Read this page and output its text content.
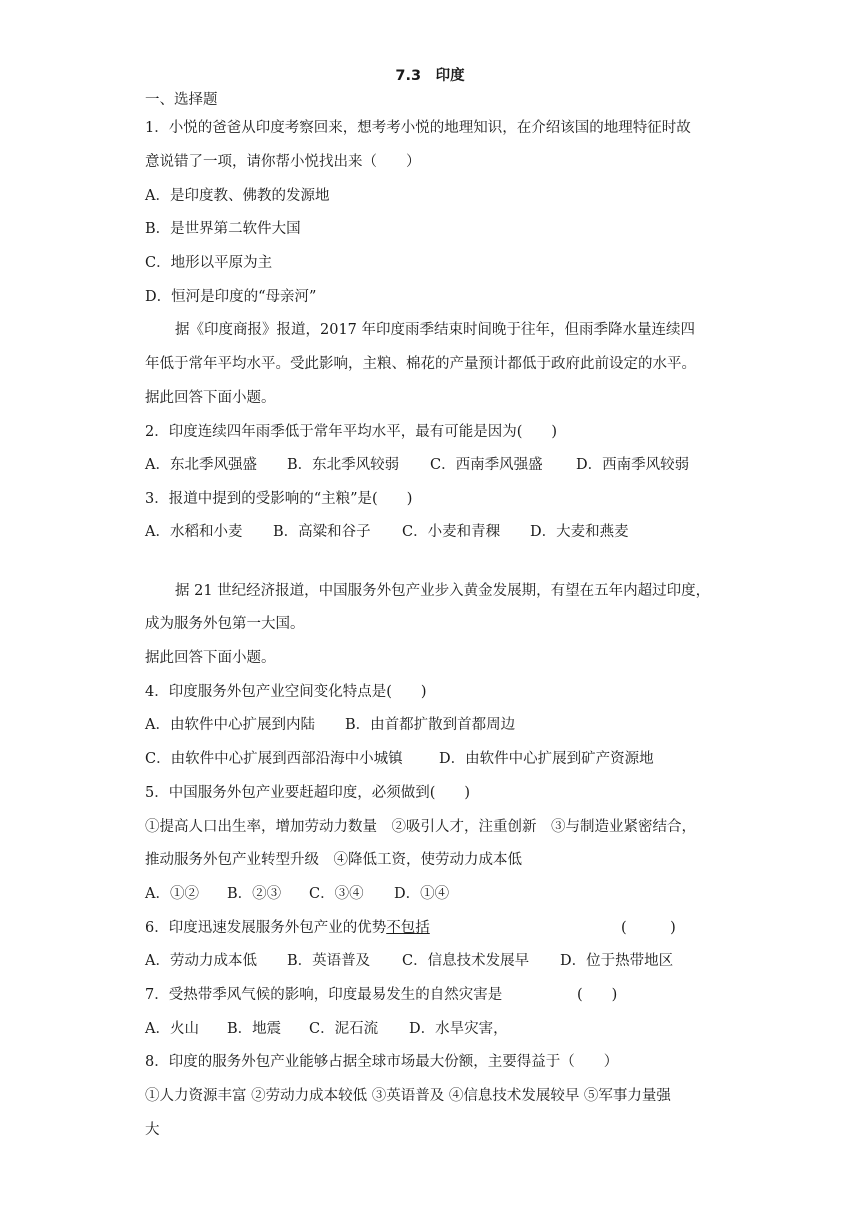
7.3　印度
一、选择题
1．小悦的爸爸从印度考察回来，想考考小悦的地理知识，在介绍该国的地理特征时故
意说错了一项，请你帮小悦找出来（　　）
A．是印度教、佛教的发源地
B．是世界第二软件大国
C．地形以平原为主
D．恒河是印度的“母亲河”
据《印度商报》报道，2017 年印度雨季结束时间晚于往年，但雨季降水量连续四
年低于常年平均水平。受此影响，主粮、棉花的产量预计都低于政府此前设定的水平。
据此回答下面小题。
2．印度连续四年雨季低于常年平均水平，最有可能是因为(　　)
A．东北季风强盛 B．东北季风较弱 C．西南季风强盛 D．西南季风较弱
3．报道中提到的受影响的“主粮”是(　　)
A．水稻和小麦 B．高粱和谷子 C．小麦和青稞 D．大麦和燕麦
据 21 世纪经济报道，中国服务外包产业步入黄金发展期，有望在五年内超过印度，
成为服务外包第一大国。
据此回答下面小题。
4．印度服务外包产业空间变化特点是(　　)
A．由软件中心扩展到内陆 B．由首都扩散到首都周边
C．由软件中心扩展到西部沿海中小城镇	D．由软件中心扩展到矿产资源地
5．中国服务外包产业要赶超印度，必须做到(　　)
①提高人口出生率，增加劳动力数量　②吸引人才，注重创新　③与制造业紧密结合，
推动服务外包产业转型升级　④降低工资，使劳动力成本低
A．①② B．②③ C．③④ D．①④
6．印度迅速发展服务外包产业的优势不包括	(　　　)
A．劳动力成本低 B．英语普及 C．信息技术发展早 D．位于热带地区
7．受热带季风气候的影响，印度最易发生的自然灾害是	(　　)
A．火山 B．地震 C．泥石流 D．水旱灾害，
8．印度的服务外包产业能够占据全球市场最大份额，主要得益于（　　）
①人力资源丰富 ②劳动力成本较低 ③英语普及 ④信息技术发展较早 ⑤军事力量强
大
